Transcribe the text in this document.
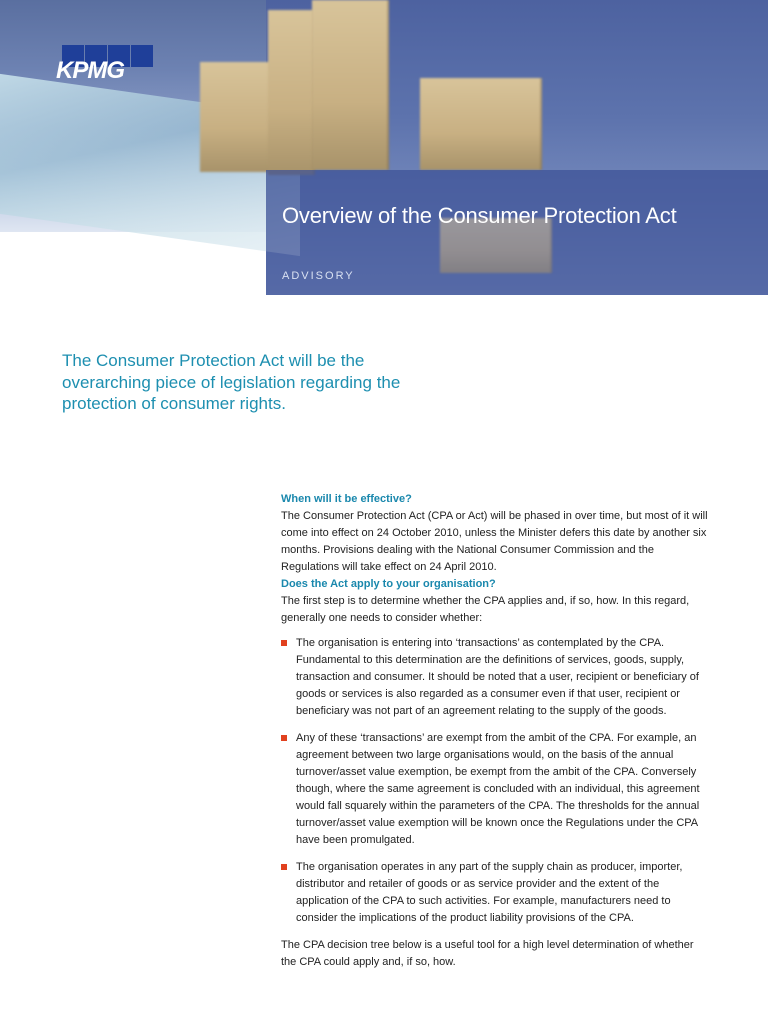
Overview of the Consumer Protection Act
ADVISORY
KPMG
The Consumer Protection Act will be the overarching piece of legislation regarding the protection of consumer rights.
When will it be effective?

The Consumer Protection Act (CPA or Act) will be phased in over time, but most of it will come into effect on 24 October 2010, unless the Minister defers this date by another six months. Provisions dealing with the National Consumer Commission and the Regulations will take effect on 24 April 2010.

Does the Act apply to your organisation?

The first step is to determine whether the CPA applies and, if so, how. In this regard, generally one needs to consider whether:

The organisation is entering into ‘transactions’ as contemplated by the CPA. Fundamental to this determination are the definitions of services, goods, supply, transaction and consumer. It should be noted that a user, recipient or beneficiary of goods or services is also regarded as a consumer even if that user, recipient or beneficiary was not part of an agreement relating to the supply of the goods.
Any of these ‘transactions’ are exempt from the ambit of the CPA. For example, an agreement between two large organisations would, on the basis of the annual turnover/asset value exemption, be exempt from the ambit of the CPA. Conversely though, where the same agreement is concluded with an individual, this agreement would fall squarely within the parameters of the CPA. The thresholds for the annual turnover/asset value exemption will be known once the Regulations under the CPA have been promulgated.
The organisation operates in any part of the supply chain as producer, importer, distributor and retailer of goods or as service provider and the extent of the application of the CPA to such activities. For example, manufacturers need to consider the implications of the product liability provisions of the CPA.

The CPA decision tree below is a useful tool for a high level determination of whether the CPA could apply and, if so, how.
